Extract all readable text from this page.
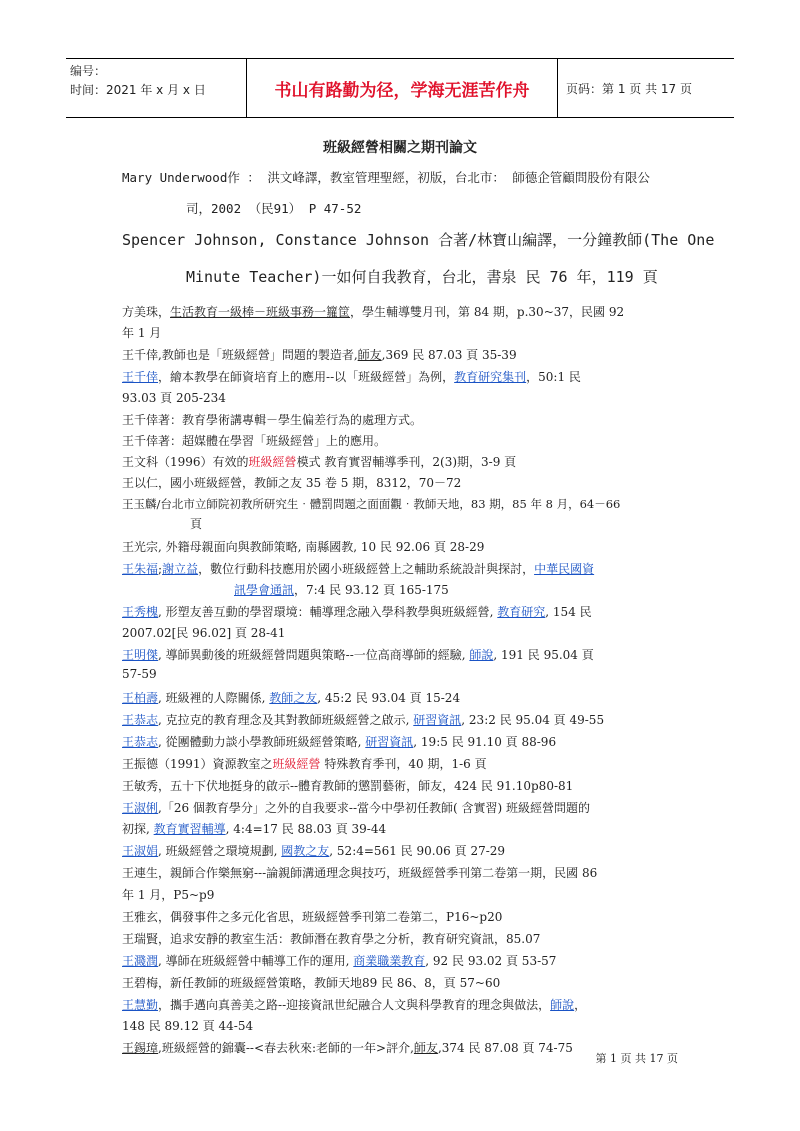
编号：
时间：2021 年 x 月 x 日	书山有路勤为径，学海无涯苦作舟	页码：第 1 页 共 17 页
班級經營相關之期刊論文
Mary Underwood作 ： 洪文峰譯，教室管理聖經，初版，台北市： 師德企管顧問股份有限公
司，2002 （民91） P 47-52
Spencer Johnson, Constance Johnson 合著/林寶山編譯，一分鐘教師(The One
Minute Teacher)一如何自我教育，台北，書泉 民 76 年，119 頁
方美珠，生活教育一級棒－班級事務一籮筐，學生輔導雙月刊，第 84 期，p.30~37，民國 92
年 1 月
王千倖,教師也是「班級經營」問題的製造者,師友,369 民 87.03 頁 35-39
王千倖，繪本教學在師資培育上的應用--以「班級經營」為例，教育研究集刊，50:1 民
93.03 頁 205-234
王千倖著：教育學術講專輯－學生偏差行為的處理方式。
王千倖著：超媒體在學習「班級經營」上的應用。
王文科（1996）有效的班級經營模式 教育實習輔導季刊，2(3)期，3-9 頁
王以仁，國小班級經營，教師之友 35 卷 5 期，8312，70－72
王玉麟/台北市立師院初教所研究生‧體罰問題之面面觀‧教師天地，83 期，85 年 8 月，64－66
頁
王光宗, 外籍母親面向與教師策略, 南縣國教, 10 民 92.06 頁 28-29
王朱福;謝立益，數位行動科技應用於國小班級經營上之輔助系統設計與探討，中華民國資
訊學會通訊，7:4 民 93.12 頁 165-175
王秀槐, 形塑友善互動的學習環境：輔導理念融入學科教學與班級經營, 教育研究, 154 民
2007.02[民 96.02] 頁 28-41
王明傑, 導師異動後的班級經營問題與策略--一位高商導師的經驗, 師說, 191 民 95.04 頁
57-59
王柏壽, 班級裡的人際關係, 教師之友, 45:2 民 93.04 頁 15-24
王恭志, 克拉克的教育理念及其對教師班級經營之啟示, 研習資訊, 23:2 民 95.04 頁 49-55
王恭志, 從團體動力談小學教師班級經營策略, 研習資訊, 19:5 民 91.10 頁 88-96
王振德（1991）資源教室之班級經營 特殊教育季刊，40 期，1-6 頁
王敏秀，五十下伏地挺身的啟示--體育教師的懲罰藝術，師友，424 民 91.10p80-81
王淑俐,「26 個教育學分」之外的自我要求--當今中學初任教師( 含實習) 班級經營問題的
初探, 教育實習輔導, 4:4=17 民 88.03 頁 39-44
王淑娟, 班級經營之環境規劃, 國教之友, 52:4=561 民 90.06 頁 27-29
王連生，親師合作樂無窮---論親師溝通理念與技巧，班級經營季刊第二卷第一期，民國 86
年 1 月，P5~p9
王雅玄，偶發事件之多元化省思，班級經營季刊第二卷第二，P16~p20
王瑞賢，追求安靜的教室生活：教師潛在教育學之分析，教育研究資訊，85.07
王濺潤, 導師在班級經營中輔導工作的運用, 商業職業教育, 92 民 93.02 頁 53-57
王碧梅，新任教師的班級經營策略，教師天地89 民 86、8，頁 57~60
王慧勤，攜手邁向真善美之路--迎接資訊世紀融合人文與科學教育的理念與做法，師說，
148 民 89.12 頁 44-54
王錫璋,班級經營的錦囊--<春去秋來:老師的一年>評介,師友,374 民 87.08 頁 74-75
第 1 页 共 17 页
